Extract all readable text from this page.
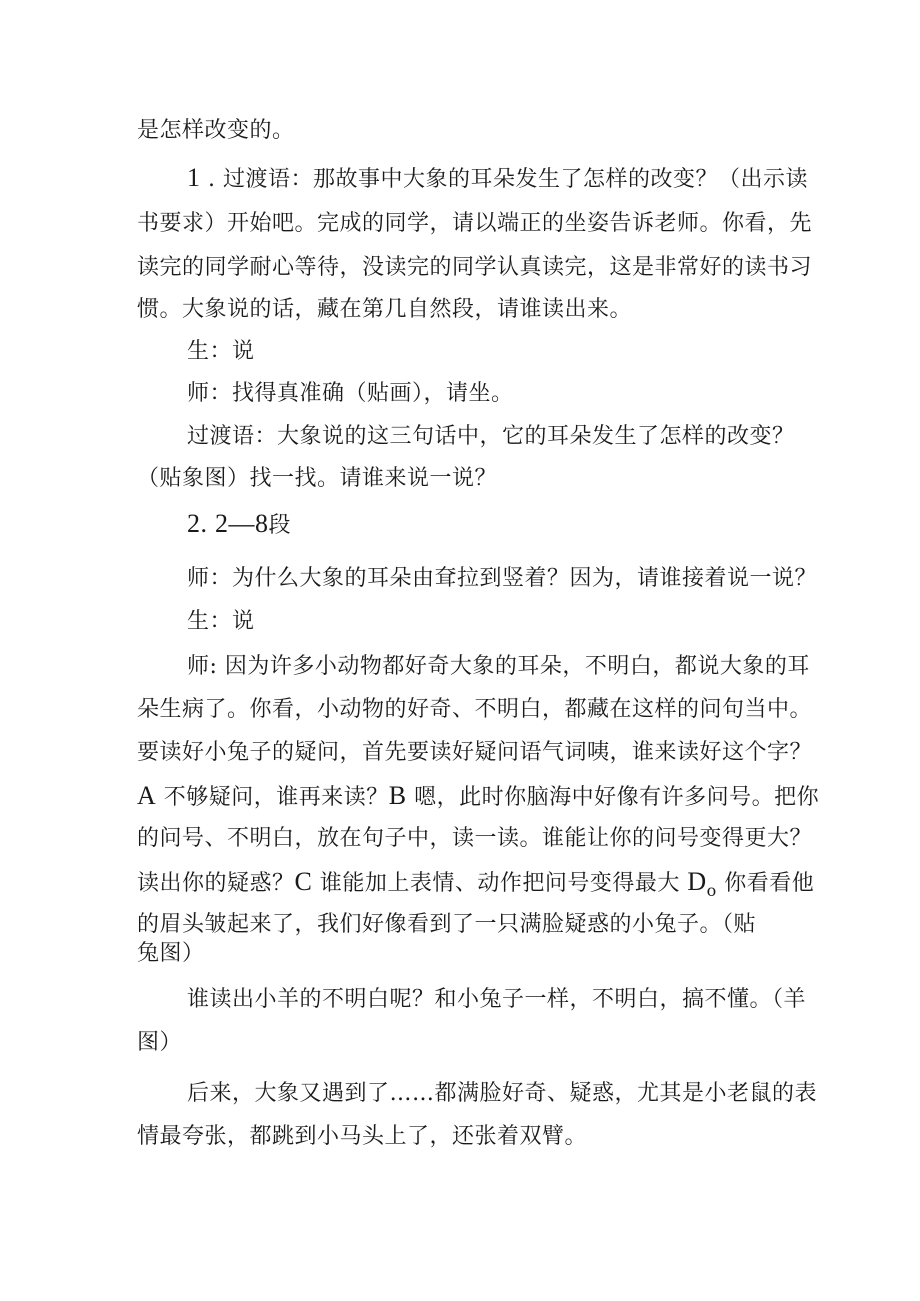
是怎样改变的。
1 . 过渡语：那故事中大象的耳朵发生了怎样的改变？（出示读
书要求）开始吧。完成的同学，请以端正的坐姿告诉老师。你看，先
读完的同学耐心等待，没读完的同学认真读完，这是非常好的读书习
惯。大象说的话，藏在第几自然段，请谁读出来。
生：说
师：找得真准确（贴画），请坐。
过渡语：大象说的这三句话中，它的耳朵发生了怎样的改变？
（贴象图）找一找。请谁来说一说？
2. 2—8段
师：为什么大象的耳朵由耷拉到竖着？因为，请谁接着说一说？
生：说
师: 因为许多小动物都好奇大象的耳朵，不明白，都说大象的耳
朵生病了。你看，小动物的好奇、不明白，都藏在这样的问句当中。
要读好小兔子的疑问，首先要读好疑问语气词咦，谁来读好这个字？
A 不够疑问，谁再来读？B 嗯，此时你脑海中好像有许多问号。把你
的问号、不明白，放在句子中，读一读。谁能让你的问号变得更大？
读出你的疑惑？C 谁能加上表情、动作把问号变得最大 $D_o$ 你看看他
的眉头皱起来了，我们好像看到了一只满脸疑惑的小兔子。（贴
兔图）
谁读出小羊的不明白呢？和小兔子一样，不明白，搞不懂。（羊
图）
后来，大象又遇到了……都满脸好奇、疑惑，尤其是小老鼠的表
情最夸张，都跳到小马头上了，还张着双臂。
